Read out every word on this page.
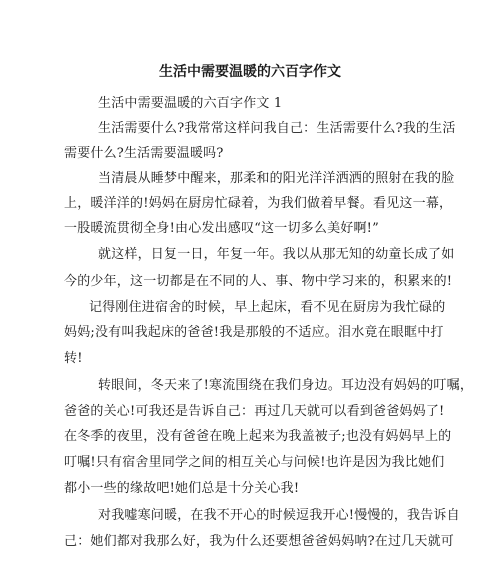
生活中需要温暖的六百字作文
生活中需要温暖的六百字作文 1
生活需要什么?我常常这样问我自己：生活需要什么?我的生活
需要什么?生活需要温暖吗?
当清晨从睡梦中醒来，那柔和的阳光洋洋洒洒的照射在我的脸
上，暖洋洋的!妈妈在厨房忙碌着，为我们做着早餐。看见这一幕，
一股暖流贯彻全身!由心发出感叹“这一切多么美好啊!”
就这样，日复一日，年复一年。我以从那无知的幼童长成了如
今的少年，这一切都是在不同的人、事、物中学习来的，积累来的!
记得刚住进宿舍的时候，早上起床，看不见在厨房为我忙碌的
妈妈;没有叫我起床的爸爸!我是那般的不适应。泪水竟在眼眶中打
转!
转眼间，冬天来了!寒流围绕在我们身边。耳边没有妈妈的叮嘱，
爸爸的关心!可我还是告诉自己：再过几天就可以看到爸爸妈妈了!
在冬季的夜里，没有爸爸在晚上起来为我盖被子;也没有妈妈早上的
叮嘱!只有宿舍里同学之间的相互关心与问候!也许是因为我比她们
都小一些的缘故吧!她们总是十分关心我!
对我嘘寒问暖，在我不开心的时候逗我开心!慢慢的，我告诉自
己：她们都对我那么好，我为什么还要想爸爸妈妈呐?在过几天就可
